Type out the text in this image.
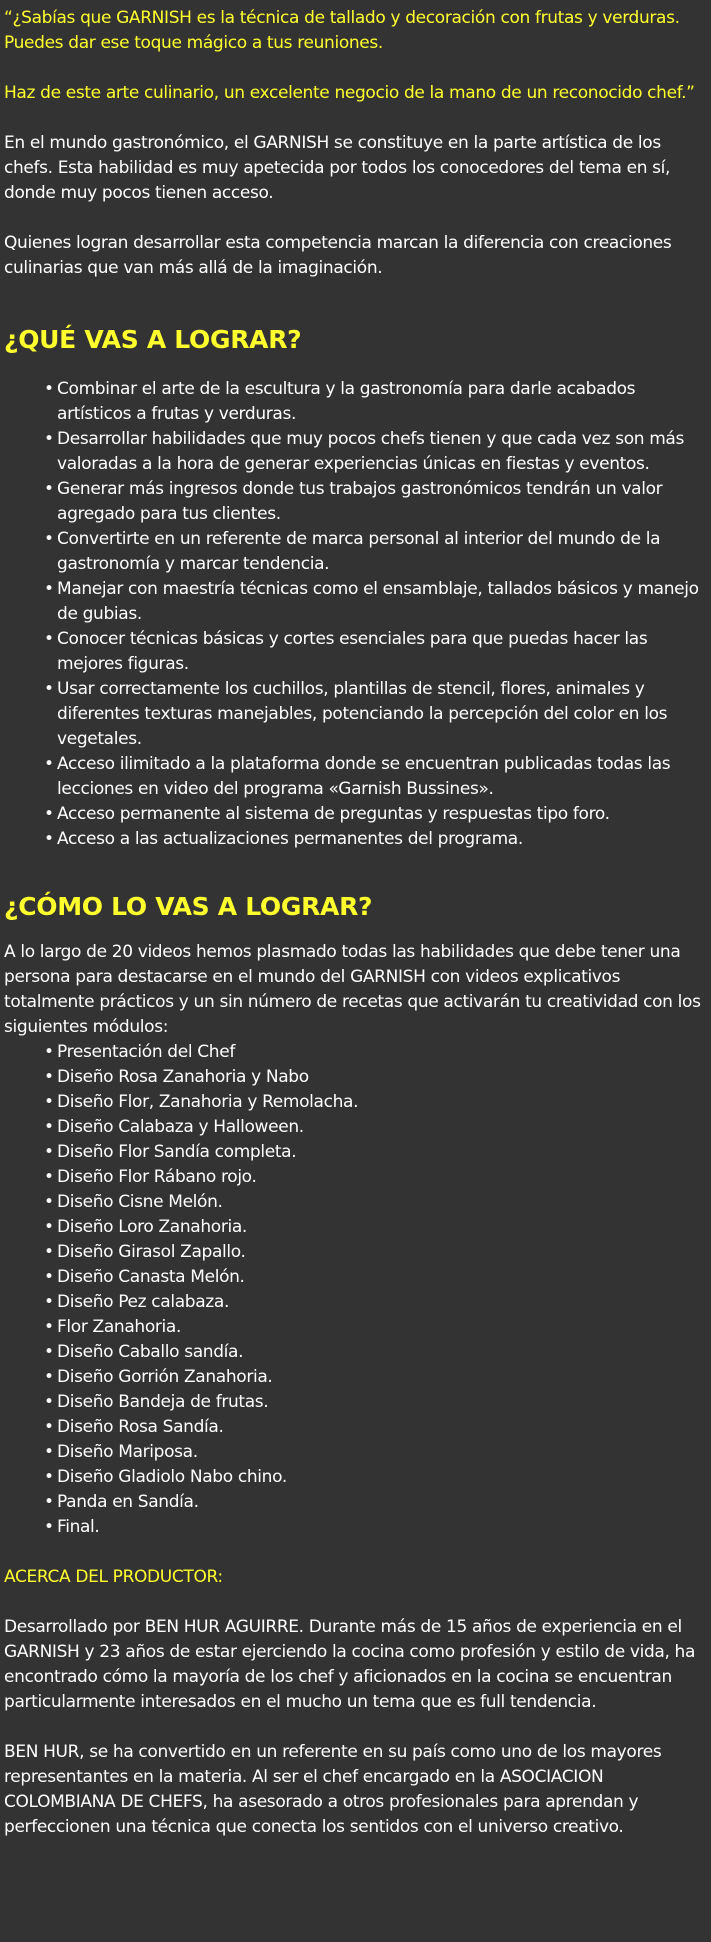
“¿Sabías que GARNISH es la técnica de tallado y decoración con frutas y verduras. Puedes dar ese toque mágico a tus reuniones.

Haz de este arte culinario, un excelente negocio de la mano de un reconocido chef.”

En el mundo gastronómico, el GARNISH se constituye en la parte artística de los chefs. Esta habilidad es muy apetecida por todos los conocedores del tema en sí, donde muy pocos tienen acceso.

Quienes logran desarrollar esta competencia marcan la diferencia con creaciones culinarias que van más allá de la imaginación.

¿QUÉ VAS A LOGRAR?
• Combinar el arte de la escultura y la gastronomía para darle acabados artísticos a frutas y verduras.
• Desarrollar habilidades que muy pocos chefs tienen y que cada vez son más valoradas a la hora de generar experiencias únicas en fiestas y eventos.
• Generar más ingresos donde tus trabajos gastronómicos tendrán un valor agregado para tus clientes.
• Convertirte en un referente de marca personal al interior del mundo de la gastronomía y marcar tendencia.
• Manejar con maestría técnicas como el ensamblaje, tallados básicos y manejo de gubias.
• Conocer técnicas básicas y cortes esenciales para que puedas hacer las mejores figuras.
• Usar correctamente los cuchillos, plantillas de stencil, flores, animales y diferentes texturas manejables, potenciando la percepción del color en los vegetales.
• Acceso ilimitado a la plataforma donde se encuentran publicadas todas las lecciones en video del programa «Garnish Bussines».
• Acceso permanente al sistema de preguntas y respuestas tipo foro.
• Acceso a las actualizaciones permanentes del programa.
¿CÓMO LO VAS A LOGRAR?

A lo largo de 20 videos hemos plasmado todas las habilidades que debe tener una persona para destacarse en el mundo del GARNISH con videos explicativos totalmente prácticos y un sin número de recetas que activarán tu creatividad con los siguientes módulos:

• Presentación del Chef
• Diseño Rosa Zanahoria y Nabo
• Diseño Flor, Zanahoria y Remolacha.
• Diseño Calabaza y Halloween.
• Diseño Flor Sandía completa.
• Diseño Flor Rábano rojo.
• Diseño Cisne Melón.
• Diseño Loro Zanahoria.
• Diseño Girasol Zapallo.
• Diseño Canasta Melón.
• Diseño Pez calabaza.
• Flor Zanahoria.
• Diseño Caballo sandía.
• Diseño Gorrión Zanahoria.
• Diseño Bandeja de frutas.
• Diseño Rosa Sandía.
• Diseño Mariposa.
• Diseño Gladiolo Nabo chino.
• Panda en Sandía.
• Final.

ACERCA DEL PRODUCTOR:

Desarrollado por BEN HUR AGUIRRE. Durante más de 15 años de experiencia en el GARNISH y 23 años de estar ejerciendo la cocina como profesión y estilo de vida, ha encontrado cómo la mayoría de los chef y aficionados en la cocina se encuentran particularmente interesados en el mucho un tema que es full tendencia.

BEN HUR, se ha convertido en un referente en su país como uno de los mayores representantes en la materia. Al ser el chef encargado en la ASOCIACION COLOMBIANA DE CHEFS, ha asesorado a otros profesionales para aprendan y perfeccionen una técnica que conecta los sentidos con el universo creativo.
